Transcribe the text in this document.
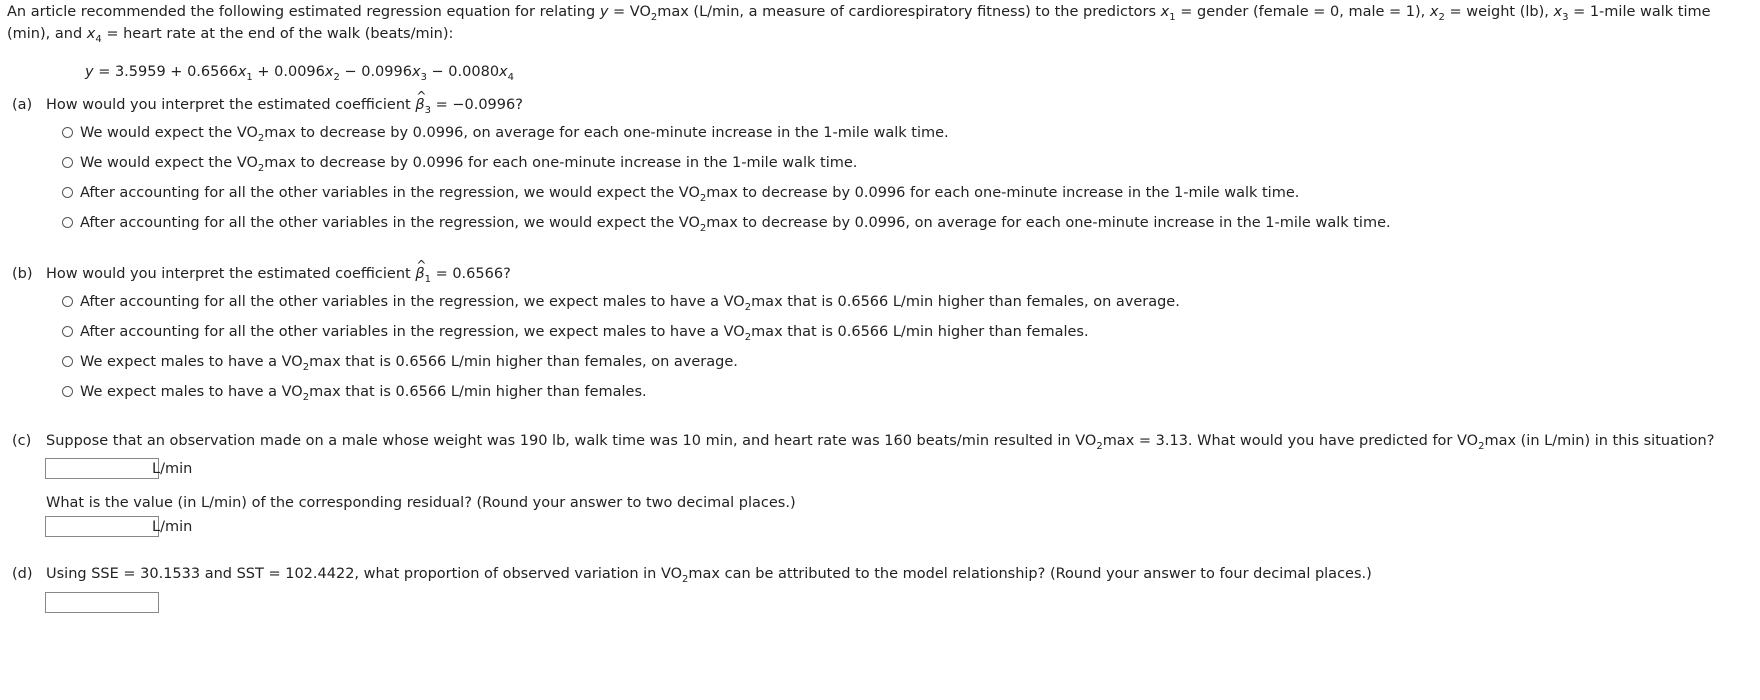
An article recommended the following estimated regression equation for relating $y = VO_2\max$ (L/min, a measure of cardiorespiratory fitness) to the predictors $x_1$ = gender (female = 0, male = 1), $x_2$ = weight (lb), $x_3$ = 1-mile walk time
(min), and $x_4$ = heart rate at the end of the walk (beats/min):
$y = 3.5959 + 0.6566x_1 + 0.0096x_2 - 0.0996x_3 - 0.0080x_4$
(a) How would you interpret the estimated coefficient ^ $\beta_3 = -0.0996$?
We would expect the $VO_2\max$ to decrease by 0.0996, on average for each one-minute increase in the 1-mile walk time.
We would expect the $VO_2\max$ to decrease by 0.0996 for each one-minute increase in the 1-mile walk time.
After accounting for all the other variables in the regression, we would expect the $VO_2\max$ to decrease by 0.0996 for each one-minute increase in the 1-mile walk time.
After accounting for all the other variables in the regression, we would expect the $VO_2\max$ to decrease by 0.0996, on average for each one-minute increase in the 1-mile walk time.
(b) How would you interpret the estimated coefficient ^ $\beta_1 = 0.6566$?
After accounting for all the other variables in the regression, we expect males to have a $VO_2\max$ that is 0.6566 L/min higher than females, on average.
After accounting for all the other variables in the regression, we expect males to have a $VO_2\max$ that is 0.6566 L/min higher than females.
We expect males to have a $VO_2\max$ that is 0.6566 L/min higher than females, on average.
We expect males to have a $VO_2\max$ that is 0.6566 L/min higher than females.
(c) Suppose that an observation made on a male whose weight was 190 lb, walk time was 10 min, and heart rate was 160 beats/min resulted in $VO_2\max = 3.13$. What would you have predicted for $VO_2\max$ (in L/min) in this situation?
L/min
What is the value (in L/min) of the corresponding residual? (Round your answer to two decimal places.)
L/min
(d) Using SSE = 30.1533 and SST = 102.4422, what proportion of observed variation in $VO_2\max$ can be attributed to the model relationship? (Round your answer to four decimal places.)
